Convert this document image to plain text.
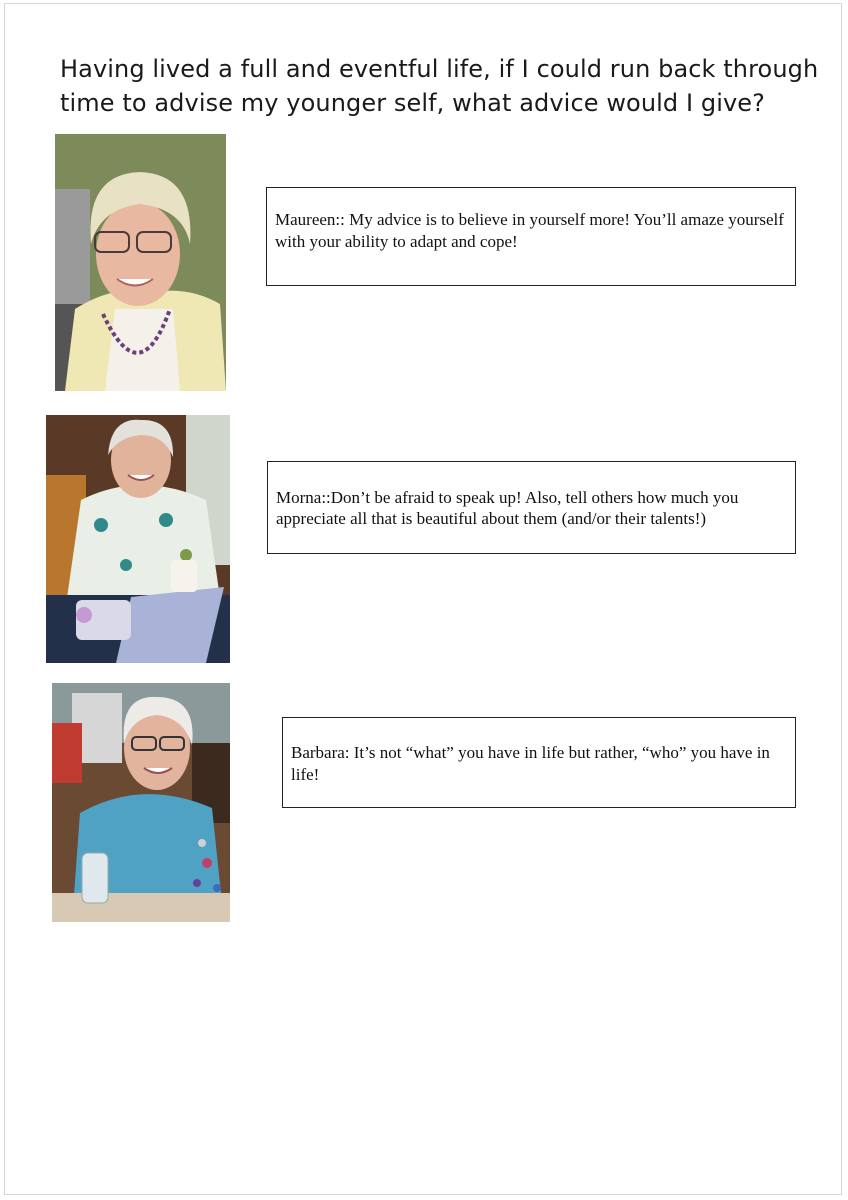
Having lived a full and eventful life, if I could run back through time to advise my younger self, what advice would I give?

Maureen:: My advice is to believe in yourself more! You’ll amaze yourself with your ability to adapt and cope!

Morna::Don’t be afraid to speak up! Also, tell others how much you appreciate all that is beautiful about them (and/or their talents!)

Barbara: It’s not “what” you have in life but rather, “who” you have in life!
